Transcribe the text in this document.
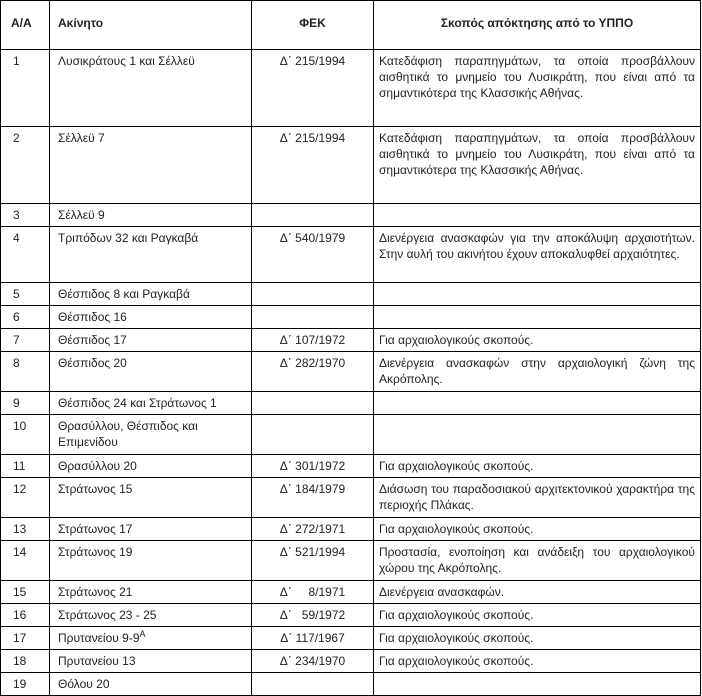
Α/Α	Ακίνητο	ΦΕΚ	Σκοπός απόκτησης από το ΥΠΠΟ
1	Λυσικράτους 1 και Σέλλεϋ	Δ΄ 215/1994	Κατεδάφιση παραπηγμάτων, τα οποία προσβάλλουν αισθητικά το μνημείο του Λυσικράτη, που είναι από τα σημαντικότερα της Κλασσικής Αθήνας.
2	Σέλλεϋ 7	Δ΄ 215/1994	Κατεδάφιση παραπηγμάτων, τα οποία προσβάλλουν αισθητικά το μνημείο του Λυσικράτη, που είναι από τα σημαντικότερα της Κλασσικής Αθήνας.
3	Σέλλεϋ 9		
4	Τριπόδων 32 και Ραγκαβά	Δ΄ 540/1979	Διενέργεια ανασκαφών για την αποκάλυψη αρχαιοτήτων. Στην αυλή του ακινήτου έχουν αποκαλυφθεί αρχαιότητες.
5	Θέσπιδος 8 και Ραγκαβά		
6	Θέσπιδος 16		
7	Θέσπιδος 17	Δ΄ 107/1972	Για αρχαιολογικούς σκοπούς.
8	Θέσπιδος 20	Δ΄ 282/1970	Διενέργεια ανασκαφών στην αρχαιολογική ζώνη της Ακρόπολης.
9	Θέσπιδος 24 και Στράτωνος 1		
10	Θρασύλλου, Θέσπιδος και Επιμενίδου		
11	Θρασύλλου 20	Δ΄ 301/1972	Για αρχαιολογικούς σκοπούς.
12	Στράτωνος 15	Δ΄ 184/1979	Διάσωση του παραδοσιακού αρχιτεκτονικού χαρακτήρα της περιοχής Πλάκας.
13	Στράτωνος 17	Δ΄ 272/1971	Για αρχαιολογικούς σκοπούς.
14	Στράτωνος 19	Δ΄ 521/1994	Προστασία, ενοποίηση και ανάδειξη του αρχαιολογικού χώρου της Ακρόπολης.
15	Στράτωνος 21	Δ΄     8/1971	Διενέργεια ανασκαφών.
16	Στράτωνος 23 - 25	Δ΄   59/1972	Για αρχαιολογικούς σκοπούς.
17	Πρυτανείου $9-9^A$	Δ΄ 117/1967	Για αρχαιολογικούς σκοπούς.
18	Πρυτανείου 13	Δ΄ 234/1970	Για αρχαιολογικούς σκοπούς.
19	Θόλου 20		
